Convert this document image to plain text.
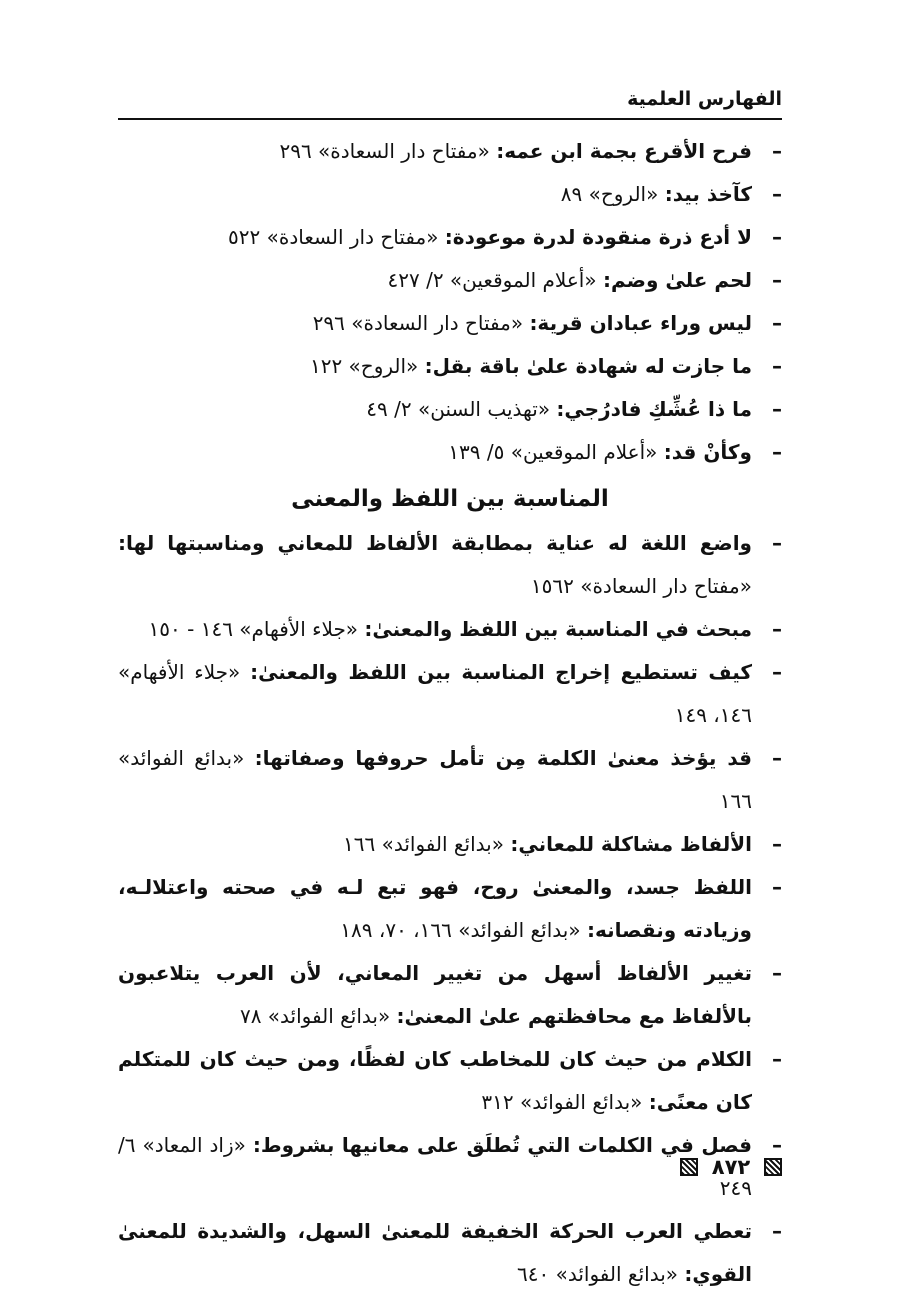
الفهارس العلمية
–
فرح الأقرع بجمة ابن عمه: «مفتاح دار السعادة» ٢٩٦
–
كآخذ بيد: «الروح» ٨٩
–
لا أدع ذرة منقودة لدرة موعودة: «مفتاح دار السعادة» ٥٢٢
–
لحم علىٰ وضم: «أعلام الموقعين» ٢/ ٤٢٧
–
ليس وراء عبادان قرية: «مفتاح دار السعادة» ٢٩٦
–
ما جازت له شهادة علىٰ باقة بقل: «الروح» ١٢٢
–
ما ذا عُشِّكِ فادرُجي: «تهذيب السنن» ٢/ ٤٩
–
وكأنْ قد: «أعلام الموقعين» ٥/ ١٣٩
المناسبة بين اللفظ والمعنى
–
واضع اللغة له عناية بمطابقة الألفاظ للمعاني ومناسبتها لها: «مفتاح دار السعادة» ١٥٦٢
–
مبحث في المناسبة بين اللفظ والمعنىٰ: «جلاء الأفهام» ١٤٦ - ١٥٠
–
كيف تستطيع إخراج المناسبة بين اللفظ والمعنىٰ: «جلاء الأفهام» ١٤٦، ١٤٩
–
قد يؤخذ معنىٰ الكلمة مِن تأمل حروفها وصفاتها: «بدائع الفوائد» ١٦٦
–
الألفاظ مشاكلة للمعاني: «بدائع الفوائد» ١٦٦
–
اللفظ جسد، والمعنىٰ روح، فهو تبع لـه في صحته واعتلالـه، وزيادته ونقصانه: «بدائع الفوائد» ١٦٦، ٧٠، ١٨٩
–
تغيير الألفاظ أسهل من تغيير المعاني، لأن العرب يتلاعبون بالألفاظ مع محافظتهم علىٰ المعنىٰ: «بدائع الفوائد» ٧٨
–
الكلام من حيث كان للمخاطب كان لفظًا، ومن حيث كان للمتكلم كان معنًى: «بدائع الفوائد» ٣١٢
–
فصل في الكلمات التي تُطلَق على معانيها بشروط: «زاد المعاد» ٦/ ٢٤٩
–
تعطي العرب الحركة الخفيفة للمعنىٰ السهل، والشديدة للمعنىٰ القوي: «بدائع الفوائد» ٦٤٠
٨٧٢
